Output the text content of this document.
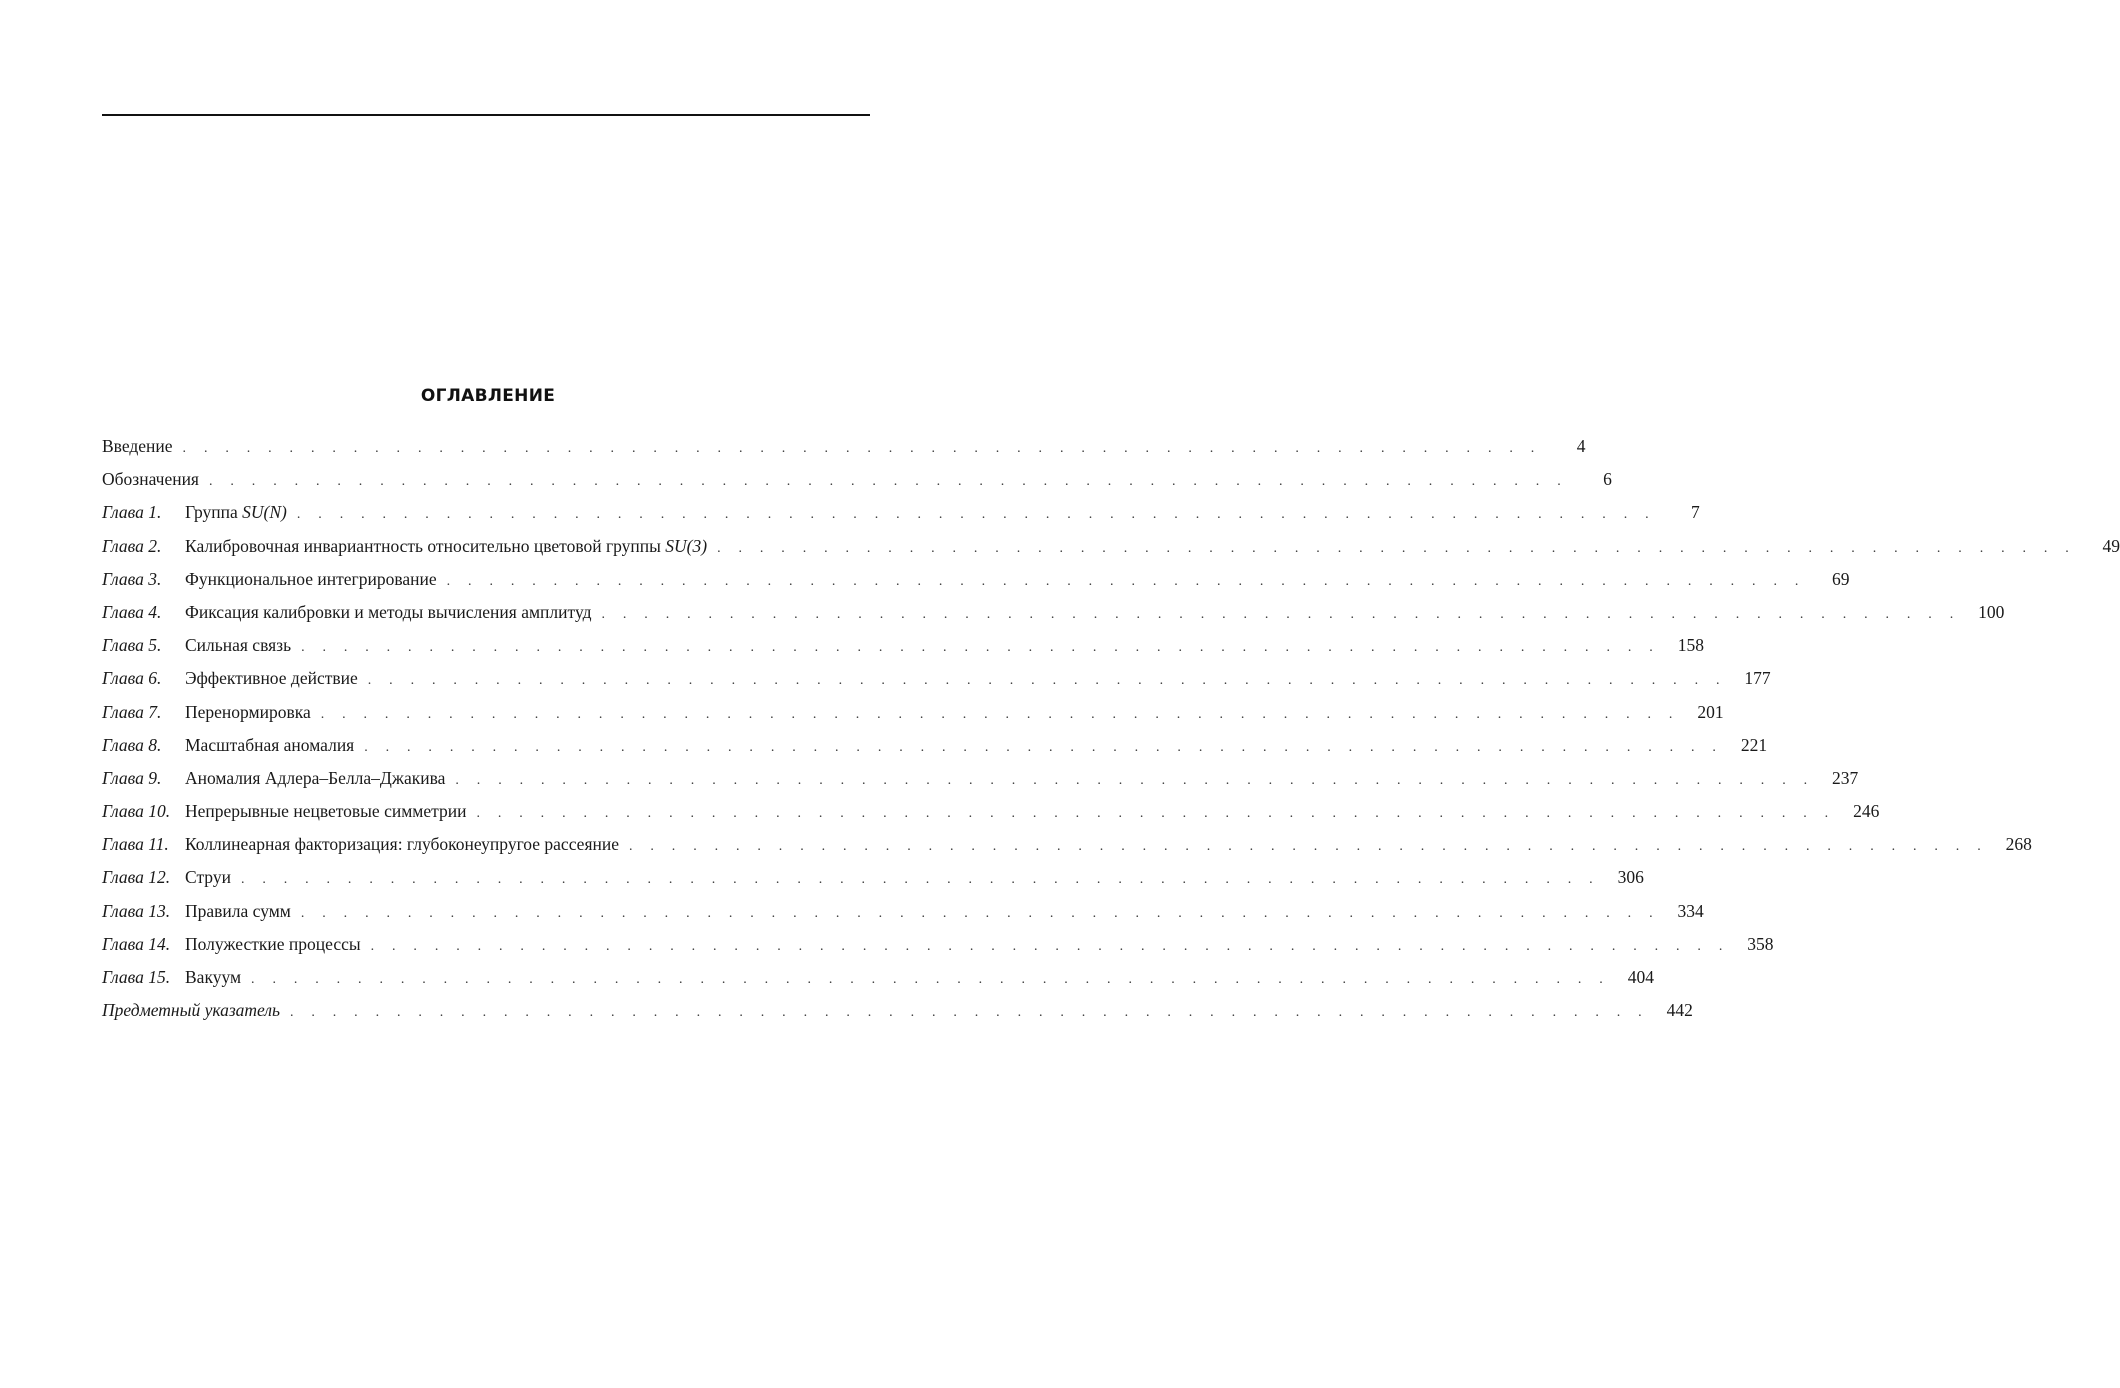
ОГЛАВЛЕНИЕ
Введение . . . . . . . . . . . . . . . . . . . . . . . . . . . . . . . . . . . . . . . . . . . . . . . . . . . . . . . . . . . . . . . .	4
Обозначения . . . . . . . . . . . . . . . . . . . . . . . . . . . . . . . . . . . . . . . . . . . . . . . . . . . . . . . . . . . . . . . .	6
Глава 1.	Группа SU(N) . . . . . . . . . . . . . . . . . . . . . . . . . . . . . . . . . . . . . . . . . . . . . . . . . . . . . . . . . . . . . . . .	7
Глава 2.	Калибровочная инвариантность относительно цветовой группы SU(3) . . . . . . . . . . . . . . . . . . . . . . . . . . . . . . . . . . . . . . . . . . . . . . . . . . . . . . . . . . . . . . . .	49
Глава 3.	Функциональное интегрирование . . . . . . . . . . . . . . . . . . . . . . . . . . . . . . . . . . . . . . . . . . . . . . . . . . . . . . . . . . . . . . . .	69
Глава 4.	Фиксация калибровки и методы вычисления амплитуд . . . . . . . . . . . . . . . . . . . . . . . . . . . . . . . . . . . . . . . . . . . . . . . . . . . . . . . . . . . . . . . .	100
Глава 5.	Сильная связь . . . . . . . . . . . . . . . . . . . . . . . . . . . . . . . . . . . . . . . . . . . . . . . . . . . . . . . . . . . . . . . .	158
Глава 6.	Эффективное действие . . . . . . . . . . . . . . . . . . . . . . . . . . . . . . . . . . . . . . . . . . . . . . . . . . . . . . . . . . . . . . . .	177
Глава 7.	Перенормировка . . . . . . . . . . . . . . . . . . . . . . . . . . . . . . . . . . . . . . . . . . . . . . . . . . . . . . . . . . . . . . . .	201
Глава 8.	Масштабная аномалия . . . . . . . . . . . . . . . . . . . . . . . . . . . . . . . . . . . . . . . . . . . . . . . . . . . . . . . . . . . . . . . .	221
Глава 9.	Аномалия Адлера–Белла–Джакива . . . . . . . . . . . . . . . . . . . . . . . . . . . . . . . . . . . . . . . . . . . . . . . . . . . . . . . . . . . . . . . .	237
Глава 10. Непрерывные нецветовые симметрии . . . . . . . . . . . . . . . . . . . . . . . . . . . . . . . . . . . . . . . . . . . . . . . . . . . . . . . . . . . . . . . .	246
Глава 11. Коллинеарная факторизация: глубоконеупругое рассеяние . . . . . . . . . . . . . . . . . . . . . . . . . . . . . . . . . . . . . . . . . . . . . . . . . . . . . . . . . . . . . . . .	268
Глава 12. Струи . . . . . . . . . . . . . . . . . . . . . . . . . . . . . . . . . . . . . . . . . . . . . . . . . . . . . . . . . . . . . . . .	306
Глава 13. Правила сумм . . . . . . . . . . . . . . . . . . . . . . . . . . . . . . . . . . . . . . . . . . . . . . . . . . . . . . . . . . . . . . . .	334
Глава 14. Полужесткие процессы . . . . . . . . . . . . . . . . . . . . . . . . . . . . . . . . . . . . . . . . . . . . . . . . . . . . . . . . . . . . . . . .	358
Глава 15. Вакуум . . . . . . . . . . . . . . . . . . . . . . . . . . . . . . . . . . . . . . . . . . . . . . . . . . . . . . . . . . . . . . . .	404
Предметный указатель . . . . . . . . . . . . . . . . . . . . . . . . . . . . . . . . . . . . . . . . . . . . . . . . . . . . . . . . . . . . . . . .	442
